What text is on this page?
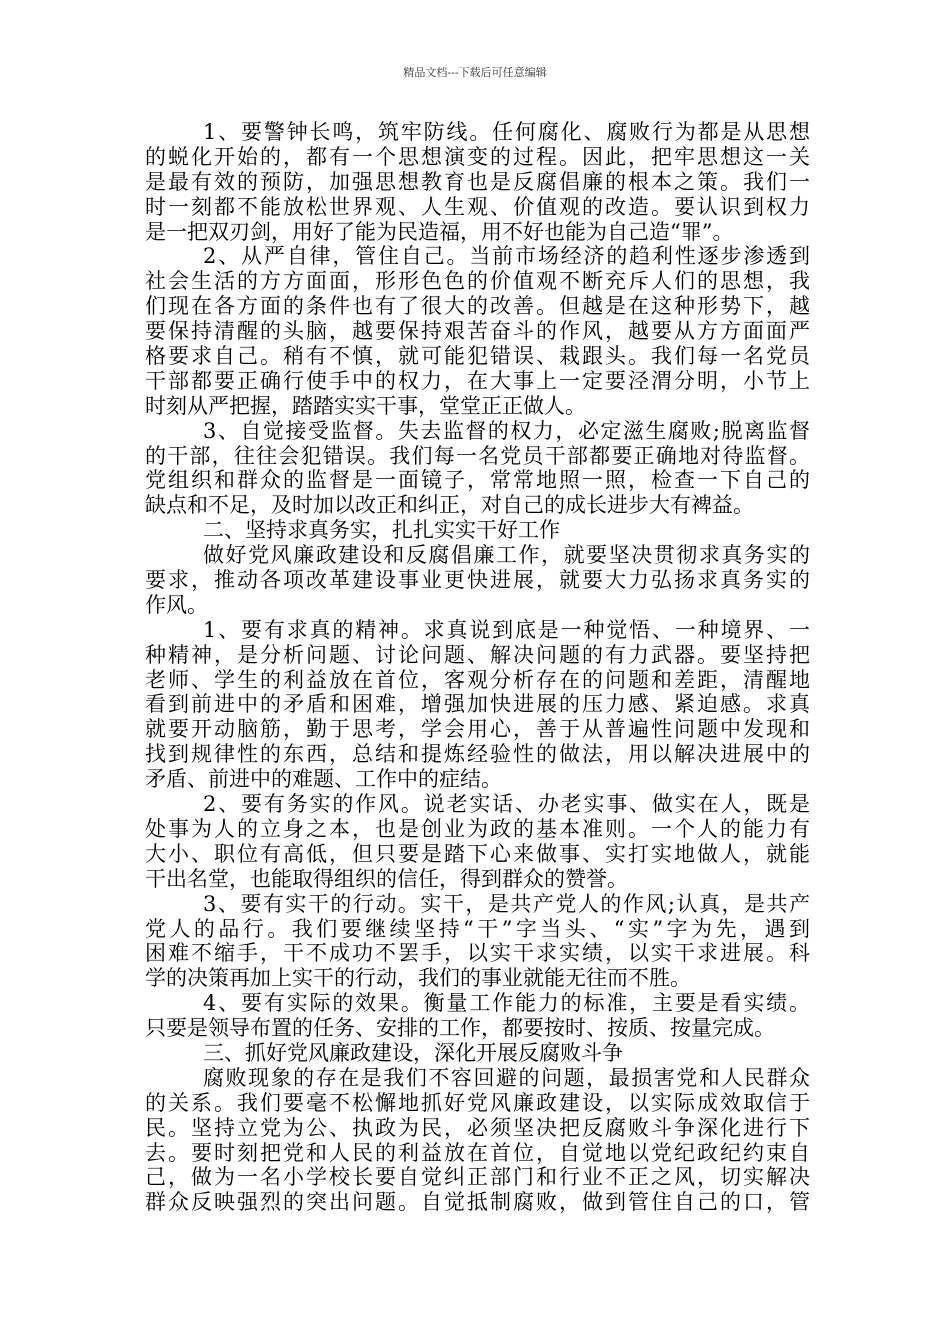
精品文档---下载后可任意编辑
1、要警钟长鸣，筑牢防线。任何腐化、腐败行为都是从思想
的蜕化开始的，都有一个思想演变的过程。因此，把牢思想这一关
是最有效的预防，加强思想教育也是反腐倡廉的根本之策。我们一
时一刻都不能放松世界观、人生观、价值观的改造。要认识到权力
是一把双刃剑，用好了能为民造福，用不好也能为自己造“罪”。
2、从严自律，管住自己。当前市场经济的趋利性逐步渗透到
社会生活的方方面面，形形色色的价值观不断充斥人们的思想，我
们现在各方面的条件也有了很大的改善。但越是在这种形势下，越
要保持清醒的头脑，越要保持艰苦奋斗的作风，越要从方方面面严
格要求自己。稍有不慎，就可能犯错误、栽跟头。我们每一名党员
干部都要正确行使手中的权力，在大事上一定要泾渭分明，小节上
时刻从严把握，踏踏实实干事，堂堂正正做人。
3、自觉接受监督。失去监督的权力，必定滋生腐败;脱离监督
的干部，往往会犯错误。我们每一名党员干部都要正确地对待监督。
党组织和群众的监督是一面镜子，常常地照一照，检查一下自己的
缺点和不足，及时加以改正和纠正，对自己的成长进步大有裨益。
二、坚持求真务实，扎扎实实干好工作
做好党风廉政建设和反腐倡廉工作，就要坚决贯彻求真务实的
要求，推动各项改革建设事业更快进展，就要大力弘扬求真务实的
作风。
1、要有求真的精神。求真说到底是一种觉悟、一种境界、一
种精神，是分析问题、讨论问题、解决问题的有力武器。要坚持把
老师、学生的利益放在首位，客观分析存在的问题和差距，清醒地
看到前进中的矛盾和困难，增强加快进展的压力感、紧迫感。求真
就要开动脑筋，勤于思考，学会用心，善于从普遍性问题中发现和
找到规律性的东西，总结和提炼经验性的做法，用以解决进展中的
矛盾、前进中的难题、工作中的症结。
2、要有务实的作风。说老实话、办老实事、做实在人，既是
处事为人的立身之本，也是创业为政的基本准则。一个人的能力有
大小、职位有高低，但只要是踏下心来做事、实打实地做人，就能
干出名堂，也能取得组织的信任，得到群众的赞誉。
3、要有实干的行动。实干，是共产党人的作风;认真，是共产
党人的品行。我们要继续坚持“干”字当头、“实”字为先，遇到
困难不缩手，干不成功不罢手，以实干求实绩，以实干求进展。科
学的决策再加上实干的行动，我们的事业就能无往而不胜。
4、要有实际的效果。衡量工作能力的标准，主要是看实绩。
只要是领导布置的任务、安排的工作，都要按时、按质、按量完成。
三、抓好党风廉政建设，深化开展反腐败斗争
腐败现象的存在是我们不容回避的问题，最损害党和人民群众
的关系。我们要毫不松懈地抓好党风廉政建设，以实际成效取信于
民。坚持立党为公、执政为民，必须坚决把反腐败斗争深化进行下
去。要时刻把党和人民的利益放在首位，自觉地以党纪政纪约束自
己，做为一名小学校长要自觉纠正部门和行业不正之风，切实解决
群众反映强烈的突出问题。自觉抵制腐败，做到管住自己的口，管
